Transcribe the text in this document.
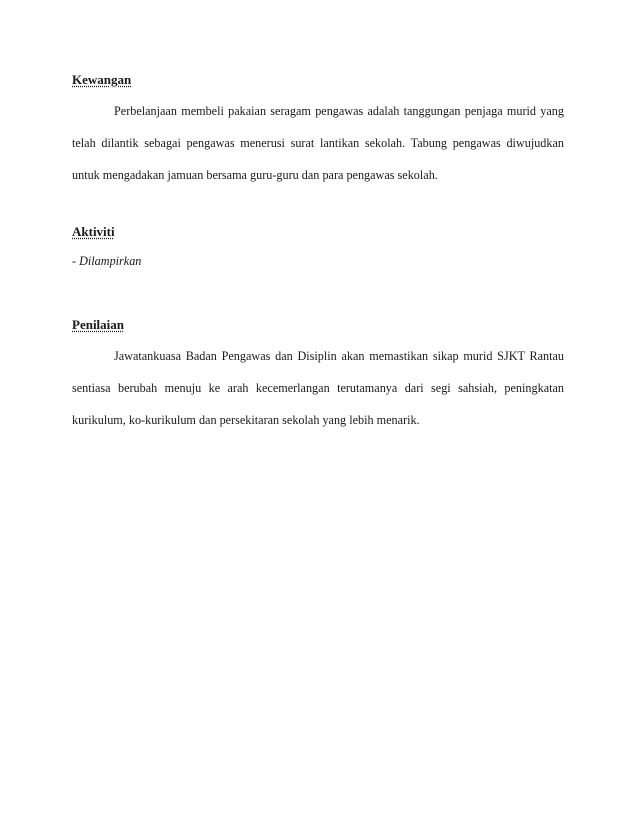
Kewangan

Perbelanjaan membeli pakaian seragam pengawas adalah tanggungan penjaga murid yang telah dilantik sebagai pengawas menerusi surat lantikan sekolah. Tabung pengawas diwujudkan untuk mengadakan jamuan bersama guru-guru dan para pengawas sekolah.

Aktiviti

- Dilampirkan

Penilaian

Jawatankuasa Badan Pengawas dan Disiplin akan memastikan sikap murid SJKT Rantau sentiasa berubah menuju ke arah kecemerlangan terutamanya dari segi sahsiah, peningkatan kurikulum, ko-kurikulum dan persekitaran sekolah yang lebih menarik.
